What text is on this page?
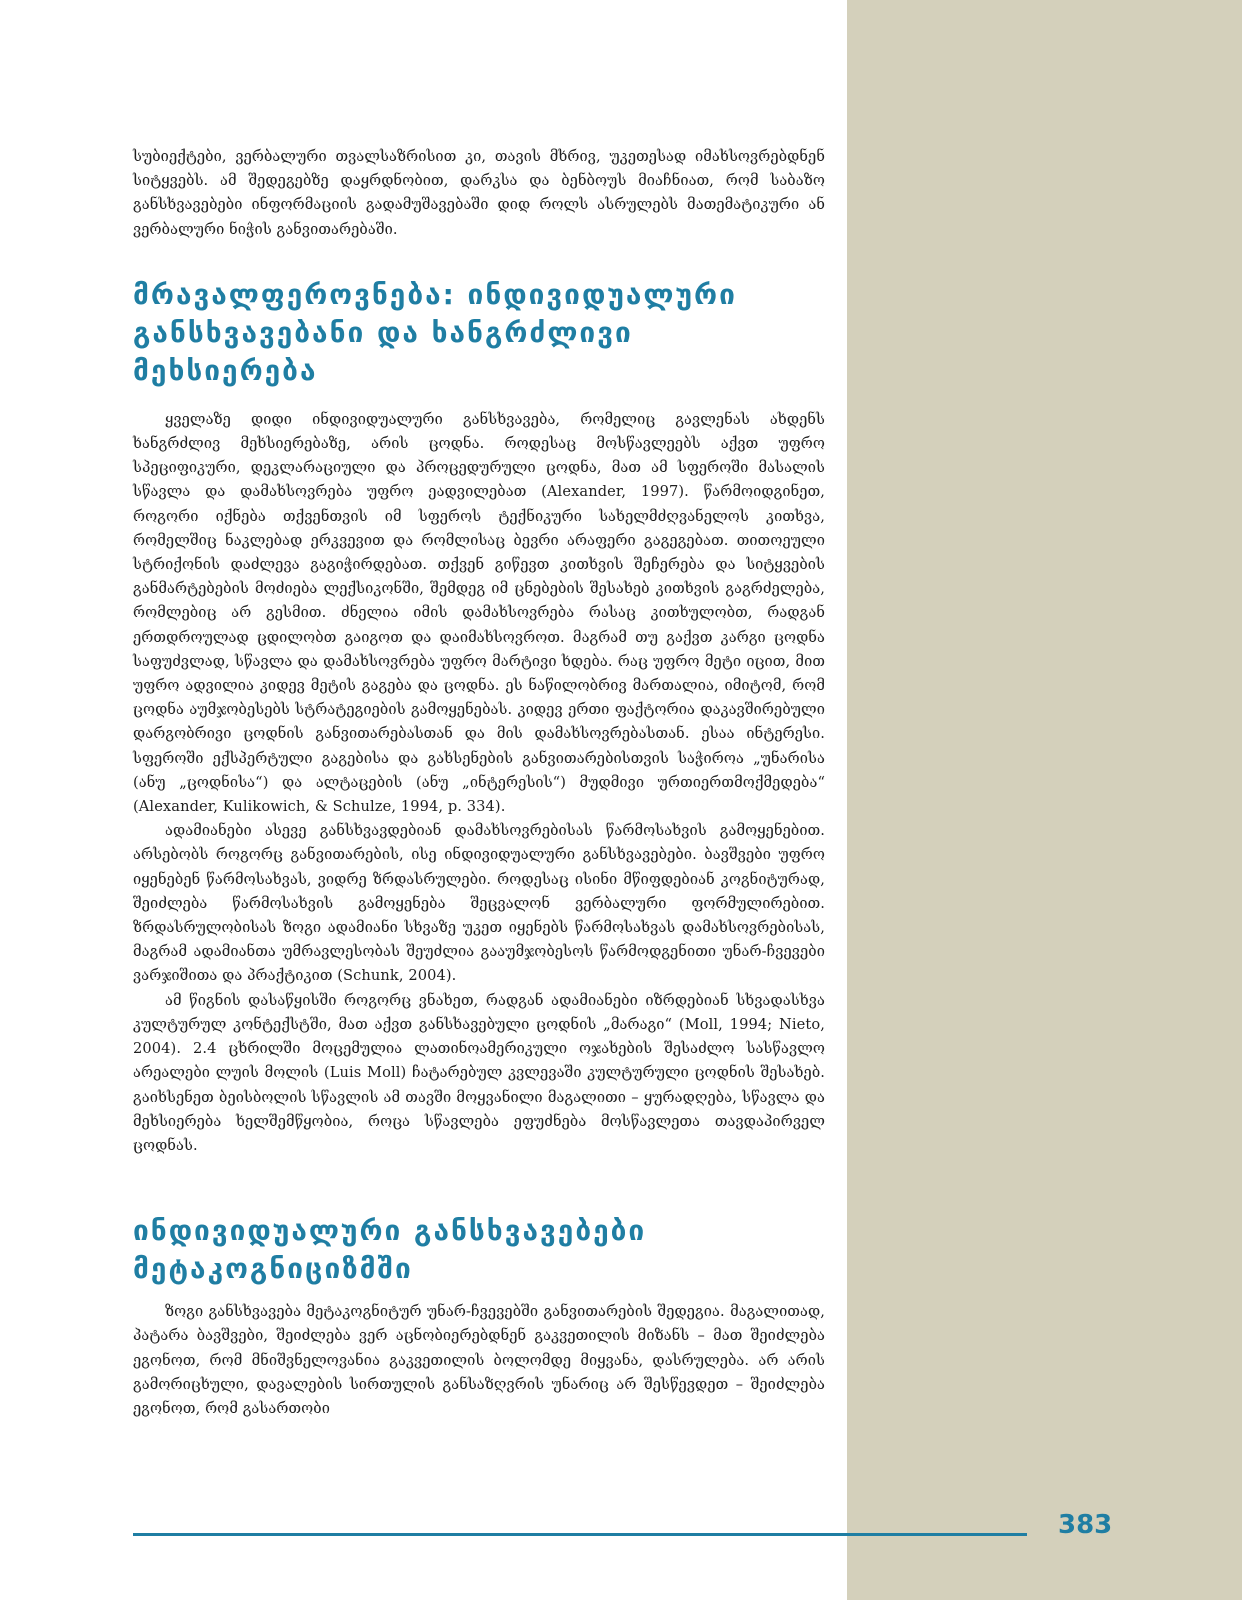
სუბიექტები, ვერბალური თვალსაზრისით კი, თავის მხრივ, უკეთესად იმახსოვრებდნენ სიტყვებს. ამ შედეგებზე დაყრდნობით, დარკსა და ბენბოუს მიაჩნიათ, რომ საბაზო განსხვავებები ინფორმაციის გადამუშავებაში დიდ როლს ასრულებს მათემატიკური ან ვერბალური ნიჭის განვითარებაში.

მრავალფეროვნება: ინდივიდუალური განსხვავებანი და ხანგრძლივი მეხსიერება

ყველაზე დიდი ინდივიდუალური განსხვავება, რომელიც გავლენას ახდენს ხანგრძლივ მეხსიერებაზე, არის ცოდნა. როდესაც მოსწავლეებს აქვთ უფრო სპეციფიკური, დეკლარაციული და პროცედურული ცოდნა, მათ ამ სფეროში მასალის სწავლა და დამახსოვრება უფრო ეადვილებათ (Alexander, 1997). წარმოიდგინეთ, როგორი იქნება თქვენთვის იმ სფეროს ტექნიკური სახელმძღვანელოს კითხვა, რომელშიც ნაკლებად ერკვევით და რომლისაც ბევრი არაფერი გაგეგებათ. თითოეული სტრიქონის დაძლევა გაგიჭირდებათ. თქვენ გიწევთ კითხვის შეჩერება და სიტყვების განმარტებების მოძიება ლექსიკონში, შემდეგ იმ ცნებების შესახებ კითხვის გაგრძელება, რომლებიც არ გესმით. ძნელია იმის დამახსოვრება რასაც კითხულობთ, რადგან ერთდროულად ცდილობთ გაიგოთ და დაიმახსოვროთ. მაგრამ თუ გაქვთ კარგი ცოდნა საფუძვლად, სწავლა და დამახსოვრება უფრო მარტივი ხდება. რაც უფრო მეტი იცით, მით უფრო ადვილია კიდევ მეტის გაგება და ცოდნა. ეს ნაწილობრივ მართალია, იმიტომ, რომ ცოდნა აუმჯობესებს სტრატეგიების გამოყენებას. კიდევ ერთი ფაქტორია დაკავშირებული დარგობრივი ცოდნის განვითარებასთან და მის დამახსოვრებასთან. ესაა ინტერესი. სფეროში ექსპერტული გაგებისა და გახსენების განვითარებისთვის საჭიროა „უნარისა (ანუ „ცოდნისა“) და ალტაცების (ანუ „ინტერესის“) მუდმივი ურთიერთმოქმედება“ (Alexander, Kulikowich, & Schulze, 1994, p. 334).

ადამიანები ასევე განსხვავდებიან დამახსოვრებისას წარმოსახვის გამოყენებით. არსებობს როგორც განვითარების, ისე ინდივიდუალური განსხვავებები. ბავშვები უფრო იყენებენ წარმოსახვას, ვიდრე ზრდასრულები. როდესაც ისინი მწიფდებიან კოგნიტურად, შეიძლება წარმოსახვის გამოყენება შეცვალონ ვერბალური ფორმულირებით. ზრდასრულობისას ზოგი ადამიანი სხვაზე უკეთ იყენებს წარმოსახვას დამახსოვრებისას, მაგრამ ადამიანთა უმრავლესობას შეუძლია გააუმჯობესოს წარმოდგენითი უნარ-ჩვევები ვარჯიშითა და პრაქტიკით (Schunk, 2004).

ამ წიგნის დასაწყისში როგორც ვნახეთ, რადგან ადამიანები იზრდებიან სხვადასხვა კულტურულ კონტექსტში, მათ აქვთ განსხავებული ცოდნის „მარაგი“ (Moll, 1994; Nieto, 2004). 2.4 ცხრილში მოცემულია ლათინოამერიკული ოჯახების შესაძლო სასწავლო არეალები ლუის მოლის (Luis Moll) ჩატარებულ კვლევაში კულტურული ცოდნის შესახებ. გაიხსენეთ ბეისბოლის სწავლის ამ თავში მოყვანილი მაგალითი – ყურადღება, სწავლა და მეხსიერება ხელშემწყობია, როცა სწავლება ეფუძნება მოსწავლეთა თავდაპირველ ცოდნას.

ინდივიდუალური განსხვავებები მეტაკოგნიციზმში

ზოგი განსხვავება მეტაკოგნიტურ უნარ-ჩვევებში განვითარების შედეგია. მაგალითად, პატარა ბავშვები, შეიძლება ვერ აცნობიერებდნენ გაკვეთილის მიზანს – მათ შეიძლება ეგონოთ, რომ მნიშვნელოვანია გაკვეთილის ბოლომდე მიყვანა, დასრულება. არ არის გამორიცხული, დავალების სირთულის განსაზღვრის უნარიც არ შესწევდეთ – შეიძლება ეგონოთ, რომ გასართობი

383
